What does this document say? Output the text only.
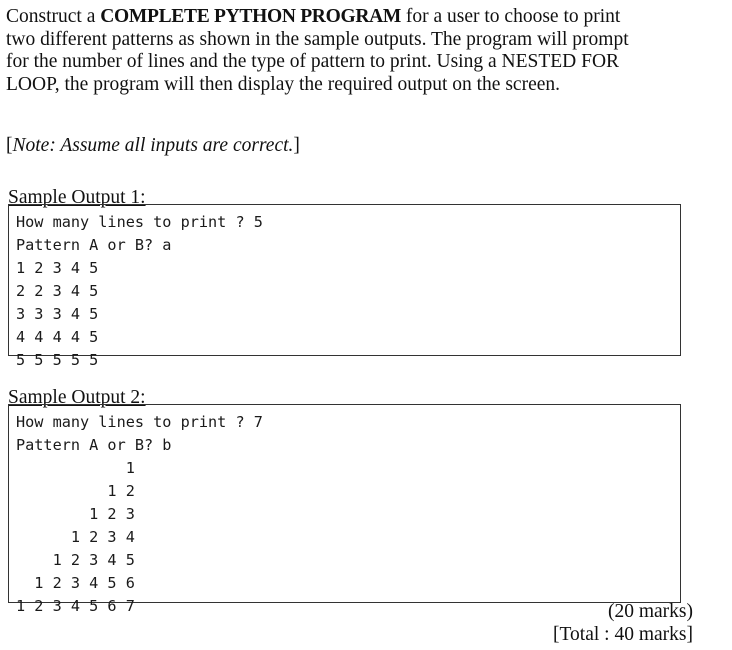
Construct a COMPLETE PYTHON PROGRAM for a user to choose to print
two different patterns as shown in the sample outputs. The program will prompt
for the number of lines and the type of pattern to print. Using a NESTED FOR
LOOP, the program will then display the required output on the screen.
[Note: Assume all inputs are correct.]
Sample Output 1:
How many lines to print ? 5
Pattern A or B? a
1 2 3 4 5
2 2 3 4 5
3 3 3 4 5
4 4 4 4 5
5 5 5 5 5
Sample Output 2:
How many lines to print ? 7
Pattern A or B? b
1
1 2
1 2 3
1 2 3 4
1 2 3 4 5
1 2 3 4 5 6
1 2 3 4 5 6 7	(20 marks)
[Total : 40 marks]
